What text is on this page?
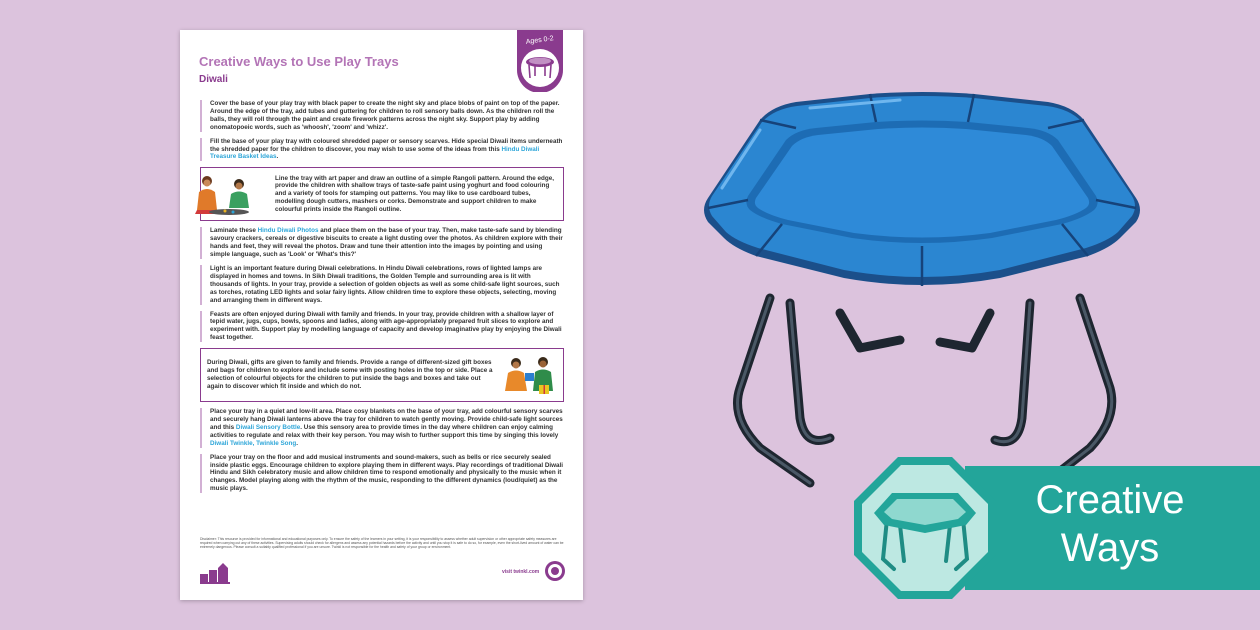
Creative Ways to Use Play Trays
Diwali
Ages 0-2

Cover the base of your play tray with black paper to create the night sky and place blobs of paint on top of the paper. Around the edge of the tray, add tubes and guttering for children to roll sensory balls down. As the children roll the balls, they will roll through the paint and create firework patterns across the night sky. Support play by adding onomatopoeic words, such as 'whoosh', 'zoom' and 'whizz'.

Fill the base of your play tray with coloured shredded paper or sensory scarves. Hide special Diwali items underneath the shredded paper for the children to discover, you may wish to use some of the ideas from this Hindu Diwali Treasure Basket Ideas.

Line the tray with art paper and draw an outline of a simple Rangoli pattern. Around the edge, provide the children with shallow trays of taste-safe paint using yoghurt and food colouring and a variety of tools for stamping out patterns. You may like to use cardboard tubes, modelling dough cutters, mashers or corks. Demonstrate and support children to make colourful prints inside the Rangoli outline.

Laminate these Hindu Diwali Photos and place them on the base of your tray. Then, make taste-safe sand by blending savoury crackers, cereals or digestive biscuits to create a light dusting over the photos. As children explore with their hands and feet, they will reveal the photos. Draw and tune their attention into the images by pointing and using simple language, such as 'Look' or 'What's this?'

Light is an important feature during Diwali celebrations. In Hindu Diwali celebrations, rows of lighted lamps are displayed in homes and towns. In Sikh Diwali traditions, the Golden Temple and surrounding area is lit with thousands of lights. In your tray, provide a selection of golden objects as well as some child-safe light sources, such as torches, rotating LED lights and solar fairy lights. Allow children time to explore these objects, selecting, moving and arranging them in different ways.

Feasts are often enjoyed during Diwali with family and friends. In your tray, provide children with a shallow layer of tepid water, jugs, cups, bowls, spoons and ladles, along with age-appropriately prepared fruit slices to explore and experiment with. Support play by modelling language of capacity and develop imaginative play by enjoying the Diwali feast together.

During Diwali, gifts are given to family and friends. Provide a range of different-sized gift boxes and bags for children to explore and include some with posting holes in the top or side. Place a selection of colourful objects for the children to put inside the bags and boxes and take out again to discover which fit inside and which do not.

Place your tray in a quiet and low-lit area. Place cosy blankets on the base of your tray, add colourful sensory scarves and securely hang Diwali lanterns above the tray for children to watch gently moving. Provide child-safe light sources and this Diwali Sensory Bottle. Use this sensory area to provide times in the day where children can enjoy calming activities to regulate and relax with their key person. You may wish to further support this time by singing this lovely Diwali Twinkle, Twinkle Song.

Place your tray on the floor and add musical instruments and sound-makers, such as bells or rice securely sealed inside plastic eggs. Encourage children to explore playing them in different ways. Play recordings of traditional Diwali Hindu and Sikh celebratory music and allow children time to respond emotionally and physically to the music when it changes. Model playing along with the rhythm of the music, responding to the different dynamics (loud/quiet) as the music plays.

Disclaimer: This resource is provided for informational and educational purposes only. To ensure the safety of the learners in your setting, it is your responsibility to assess whether adult supervision or other appropriate safety measures are required when carrying out any of these activities. Supervising adults should check for allergens and assess any potential hazards before the activity and until you stop it is safe to do so, for example, even the short-lived amount of water can be extremely dangerous. Please consult a suitably qualified professional if you are unsure. Twinkl is not responsible for the health and safety of your group or environment.
visit twinkl.com
Creative
Ways
